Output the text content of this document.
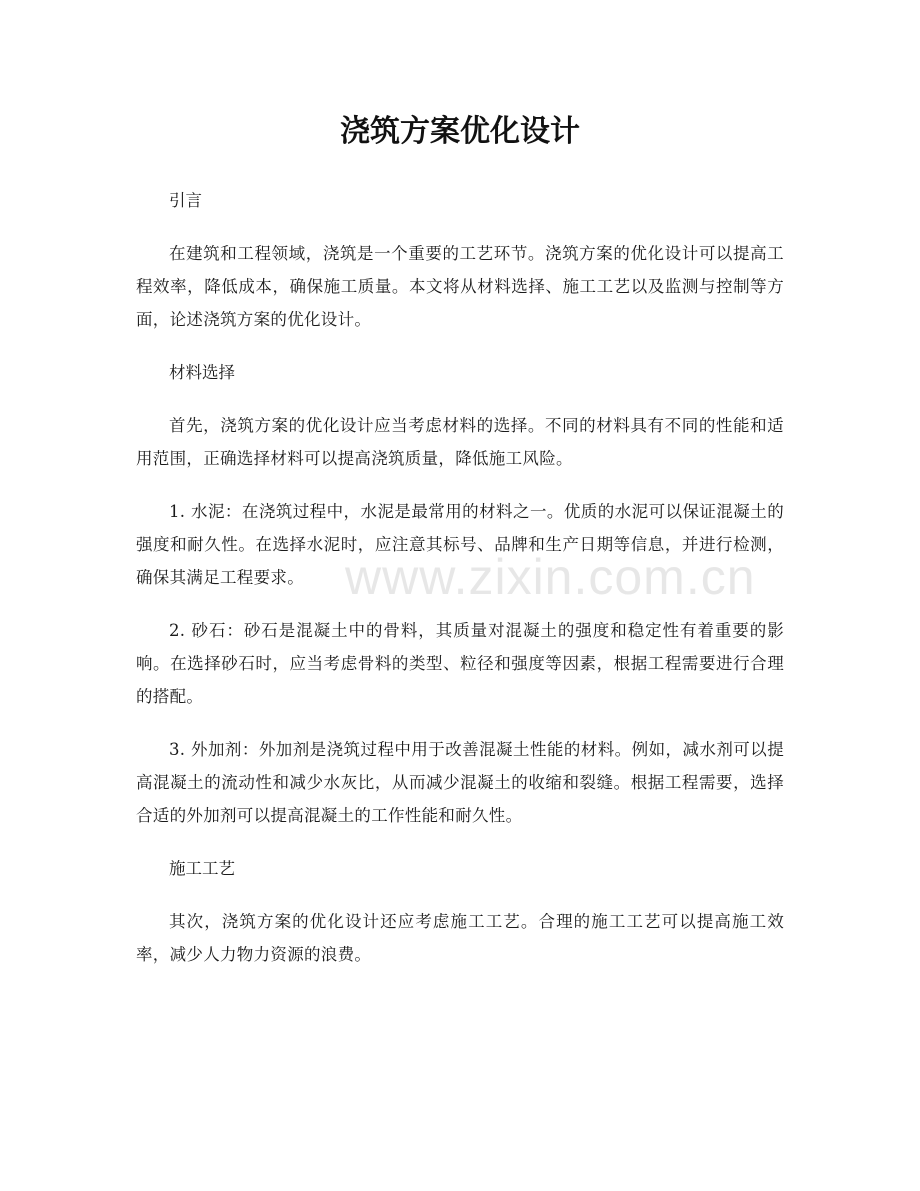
浇筑方案优化设计

引言

在建筑和工程领域，浇筑是一个重要的工艺环节。浇筑方案的优化设计可以提高工程效率，降低成本，确保施工质量。本文将从材料选择、施工工艺以及监测与控制等方面，论述浇筑方案的优化设计。

材料选择

首先，浇筑方案的优化设计应当考虑材料的选择。不同的材料具有不同的性能和适用范围，正确选择材料可以提高浇筑质量，降低施工风险。

1. 水泥：在浇筑过程中，水泥是最常用的材料之一。优质的水泥可以保证混凝土的强度和耐久性。在选择水泥时，应注意其标号、品牌和生产日期等信息，并进行检测，确保其满足工程要求。

2. 砂石：砂石是混凝土中的骨料，其质量对混凝土的强度和稳定性有着重要的影响。在选择砂石时，应当考虑骨料的类型、粒径和强度等因素，根据工程需要进行合理的搭配。

3. 外加剂：外加剂是浇筑过程中用于改善混凝土性能的材料。例如，减水剂可以提高混凝土的流动性和减少水灰比，从而减少混凝土的收缩和裂缝。根据工程需要，选择合适的外加剂可以提高混凝土的工作性能和耐久性。

施工工艺

其次，浇筑方案的优化设计还应考虑施工工艺。合理的施工工艺可以提高施工效率，减少人力物力资源的浪费。

www.zixin.com.cn
